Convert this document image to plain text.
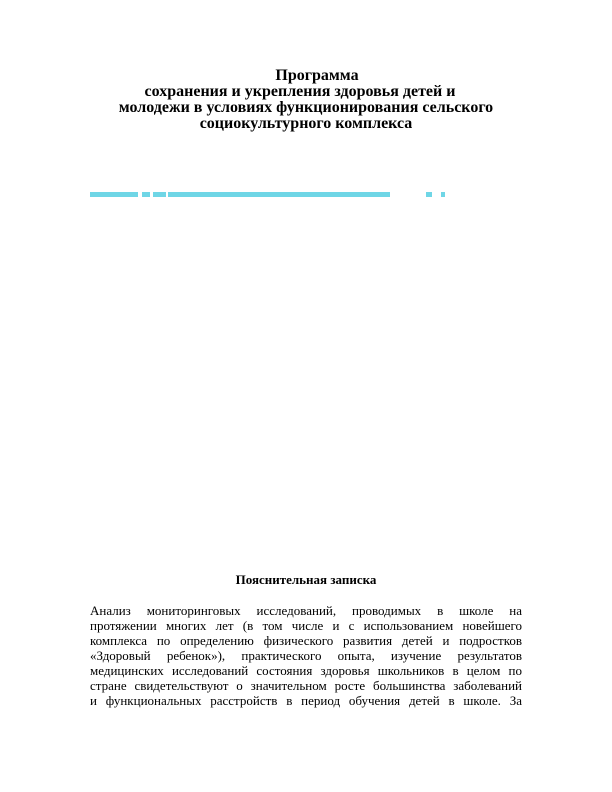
Программа
сохранения и укрепления здоровья детей и
молодежи в условиях функционирования сельского
социокультурного комплекса
Пояснительная записка
Анализ мониторинговых исследований, проводимых в школе на
протяжении многих лет (в том числе и с использованием новейшего
комплекса по определению физического развития детей и подростков
«Здоровый ребенок»), практического опыта, изучение результатов
медицинских исследований состояния здоровья школьников в целом по
стране свидетельствуют о значительном росте большинства заболеваний
и функциональных расстройств в период обучения детей в школе. За
